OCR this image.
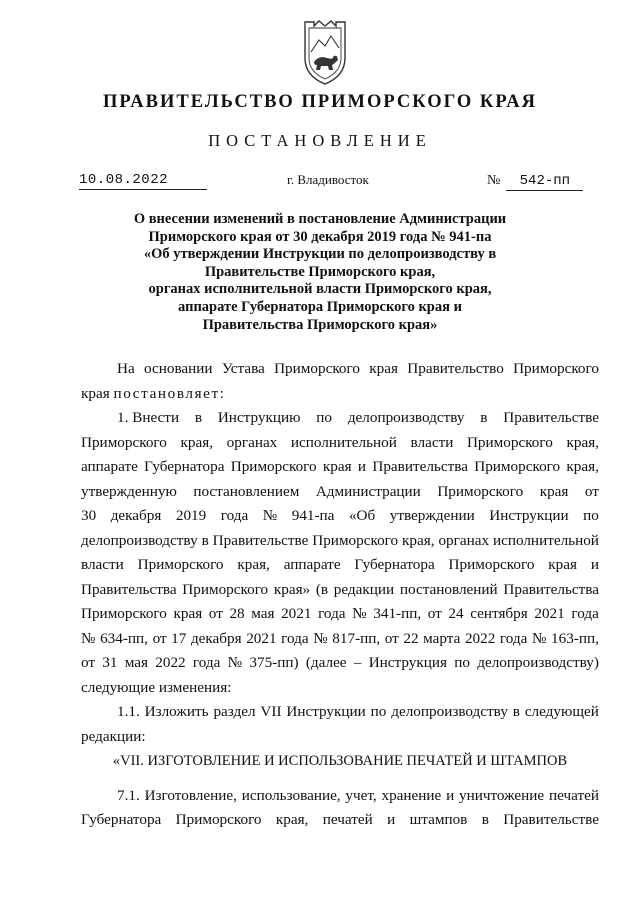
ПРАВИТЕЛЬСТВО ПРИМОРСКОГО КРАЯ
ПОСТАНОВЛЕНИЕ
10.08.2022	г. Владивосток	№ 542-пп
О внесении изменений в постановление Администрации
Приморского края от 30 декабря 2019 года № 941-па
«Об утверждении Инструкции по делопроизводству в
Правительстве Приморского края,
органах исполнительной власти Приморского края,
аппарате Губернатора Приморского края и
Правительства Приморского края»
На основании Устава Приморского края Правительство Приморского
края
постановляет:
1. Внести в Инструкцию по делопроизводству в Правительстве
Приморского края, органах исполнительной власти Приморского края,
аппарате Губернатора Приморского края и Правительства Приморского края,
утвержденную постановлением Администрации Приморского края от
30 декабря 2019 года № 941-па «Об утверждении Инструкции по
делопроизводству в Правительстве Приморского края, органах исполнительной
власти Приморского края, аппарате Губернатора Приморского края и
Правительства Приморского края» (в редакции постановлений Правительства
Приморского края от 28 мая 2021 года № 341-пп, от 24 сентября 2021 года
№ 634-пп, от 17 декабря 2021 года № 817-пп, от 22 марта 2022 года № 163-пп,
от 31 мая 2022 года № 375-пп) (далее – Инструкция по делопроизводству)
следующие изменения:
1.1. Изложить раздел VII Инструкции по делопроизводству в следующей
редакции:
«VII. ИЗГОТОВЛЕНИЕ И ИСПОЛЬЗОВАНИЕ ПЕЧАТЕЙ И ШТАМПОВ
7.1. Изготовление, использование, учет, хранение и уничтожение печатей
Губернатора Приморского края, печатей и штампов в Правительстве
